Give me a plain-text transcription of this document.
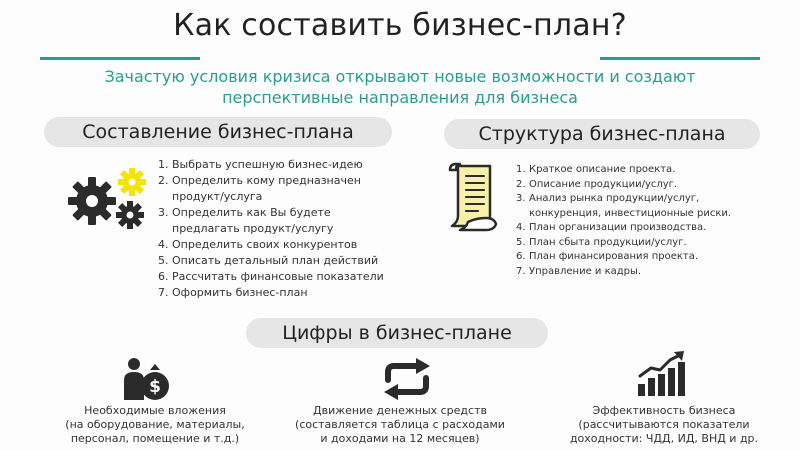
Как составить бизнес-план?
Зачастую условия кризиса открывают новые возможности и создают
перспективные направления для бизнеса
Составление бизнес-плана
1. Выбрать успешную бизнес-идею
2. Определить кому предназначен
продукт/услуга
3. Определить как Вы будете
предлагать продукт/услугу
4. Определить своих конкурентов
5. Описать детальный план действий
6. Рассчитать финансовые показатели
7. Оформить бизнес-план
Структура бизнес-плана
1. Краткое описание проекта.
2. Описание продукции/услуг.
3. Анализ рынка продукции/услуг,
конкуренция, инвестиционные риски.
4. План организации производства.
5. План сбыта продукции/услуг.
6. План финансирования проекта.
7. Управление и кадры.
Цифры в бизнес-плане
$
Необходимые вложения
(на оборудование, материалы,
персонал, помещение и т.д.)
Движение денежных средств
(составляется таблица с расходами
и доходами на 12 месяцев)
Эффективность бизнеса
(рассчитываются показатели
доходности: ЧДД, ИД, ВНД и др.
